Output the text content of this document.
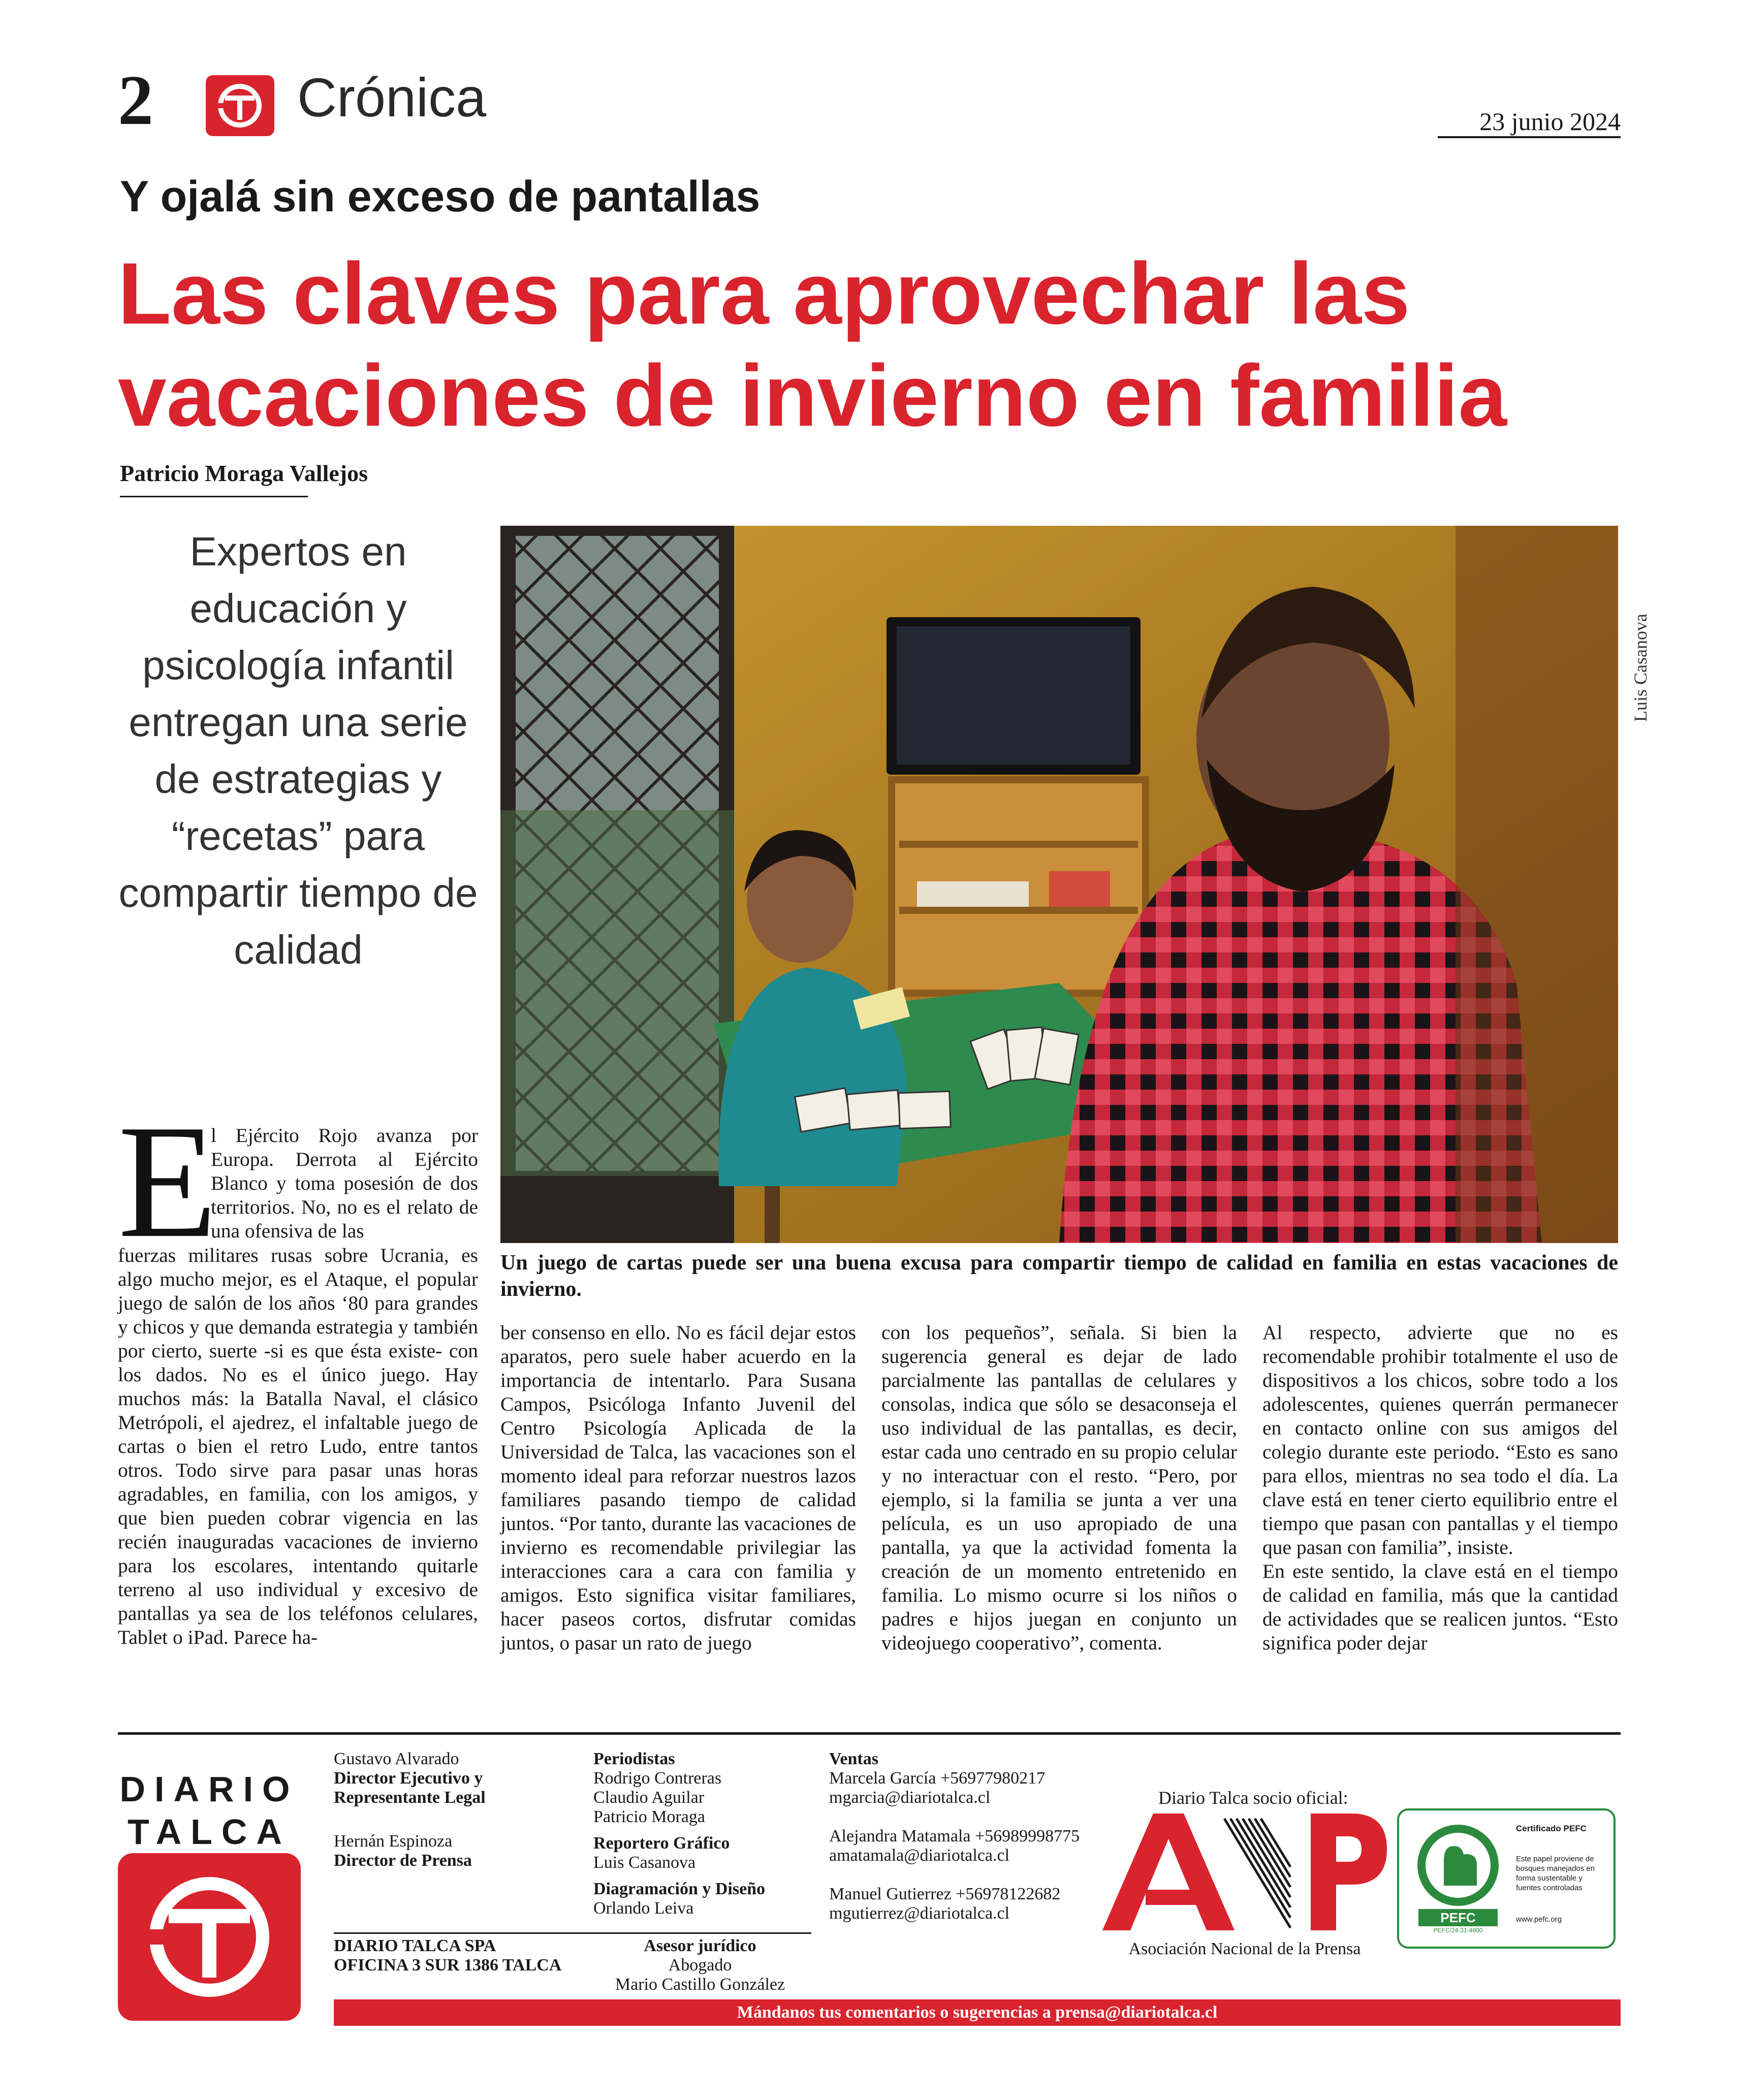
2	Crónica	23 junio 2024
Y ojalá sin exceso de pantallas
Las claves para aprovechar las
vacaciones de invierno en familia
Patricio Moraga Vallejos
Expertos en educación y psicología infantil entregan una serie de estrategias y “recetas” para compartir tiempo de calidad
Luis Casanova
Un juego de cartas puede ser una buena excusa para compartir tiempo de calidad en familia en estas vacaciones de invierno.
E
l Ejército Rojo avanza por Europa. Derrota al Ejército Blanco y toma posesión de dos territorios. No, no es el relato de una ofensiva de las
fuerzas militares rusas sobre Ucrania, es algo mucho mejor, es el Ataque, el popular juego de salón de los años ‘80 para grandes y chicos y que demanda estrategia y también por cierto, suerte -si es que ésta existe- con los dados. No es el único juego. Hay muchos más: la Batalla Naval, el clásico Metrópoli, el ajedrez, el infaltable juego de cartas o bien el retro Ludo, entre tantos otros. Todo sirve para pasar unas horas agradables, en familia, con los amigos, y que bien pueden cobrar vigencia en las recién inauguradas vacaciones de invierno para los escolares, intentando quitarle terreno al uso individual y excesivo de pantallas ya sea de los teléfonos celulares, Tablet o iPad. Parece ha-
ber consenso en ello. No es fácil dejar estos aparatos, pero suele haber acuerdo en la importancia de intentarlo. Para Susana Campos, Psicóloga Infanto Juvenil del Centro Psicología Aplicada de la Universidad de Talca, las vacaciones son el momento ideal para reforzar nuestros lazos familiares pasando tiempo de calidad juntos. “Por tanto, durante las vacaciones de invierno es recomendable privilegiar las interacciones cara a cara con familia y amigos. Esto significa visitar familiares, hacer paseos cortos, disfrutar comidas juntos, o pasar un rato de juego
con los pequeños”, señala. Si bien la sugerencia general es dejar de lado parcialmente las pantallas de celulares y consolas, indica que sólo se desaconseja el uso individual de las pantallas, es decir, estar cada uno centrado en su propio celular y no interactuar con el resto. “Pero, por ejemplo, si la familia se junta a ver una película, es un uso apropiado de una pantalla, ya que la actividad fomenta la creación de un momento entretenido en familia. Lo mismo ocurre si los niños o padres e hijos juegan en conjunto un videojuego cooperativo”, comenta.

Al respecto, advierte que no es recomendable prohibir totalmente el uso de dispositivos a los chicos, sobre todo a los adolescentes, quienes querrán permanecer en contacto online con sus amigos del colegio durante este periodo. “Esto es sano para ellos, mientras no sea todo el día. La clave está en tener cierto equilibrio entre el tiempo que pasan con pantallas y el tiempo que pasan con familia”, insiste.

En este sentido, la clave está en el tiempo de calidad en familia, más que la cantidad de actividades que se realicen juntos. “Esto significa poder dejar

DIARIO
TALCA
Gustavo Alvarado
Director Ejecutivo y Representante Legal
Hernán Espinoza
Director de Prensa
Periodistas
Rodrigo Contreras
Claudio Aguilar
Patricio Moraga
Reportero Gráfico
Luis Casanova
Diagramación y Diseño
Orlando Leiva
Ventas
Marcela García +56977980217
mgarcia@diariotalca.cl
Alejandra Matamala +56989998775
amatamala@diariotalca.cl
Manuel Gutierrez +56978122682
mgutierrez@diariotalca.cl
DIARIO TALCA SPA
OFICINA 3 SUR 1386 TALCA
Asesor jurídico
Abogado
Mario Castillo González
Diario Talca socio oficial:
Asociación Nacional de la Prensa
PEFC
PEFC/24-31-4800
Certificado PEFC
Este papel proviene de bosques manejados en forma sustentable y fuentes controladas
www.pefc.org
Mándanos tus comentarios o sugerencias a prensa@diariotalca.cl
